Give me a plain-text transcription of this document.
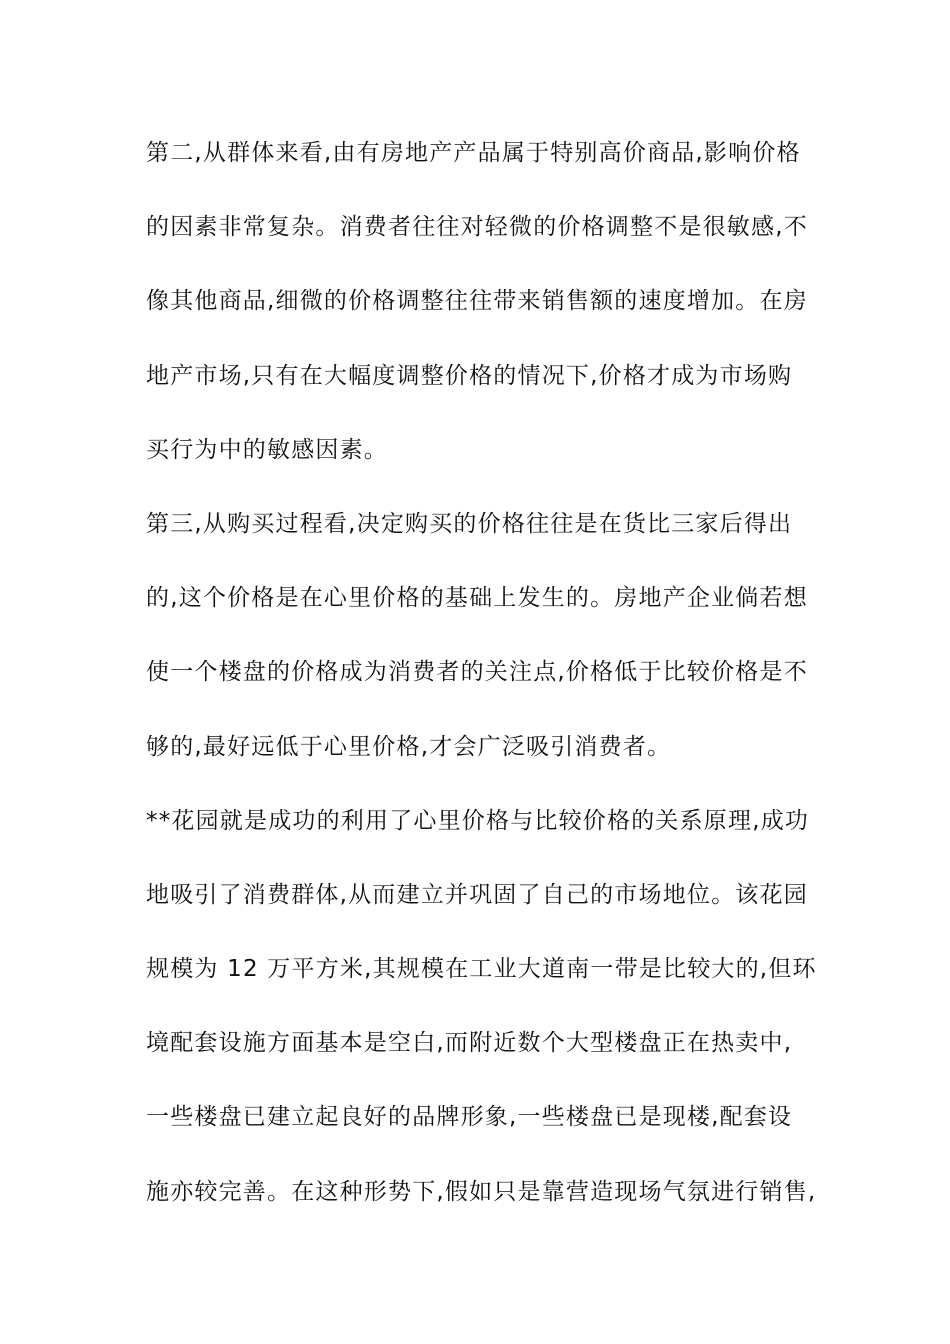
第二,从群体来看,由有房地产产品属于特别高价商品,影响价格
的因素非常复杂。消费者往往对轻微的价格调整不是很敏感,不
像其他商品,细微的价格调整往往带来销售额的速度增加。在房
地产市场,只有在大幅度调整价格的情况下,价格才成为市场购
买行为中的敏感因素。
第三,从购买过程看,决定购买的价格往往是在货比三家后得出
的,这个价格是在心里价格的基础上发生的。房地产企业倘若想
使一个楼盘的价格成为消费者的关注点,价格低于比较价格是不
够的,最好远低于心里价格,才会广泛吸引消费者。
**花园就是成功的利用了心里价格与比较价格的关系原理,成功
地吸引了消费群体,从而建立并巩固了自己的市场地位。该花园
规模为 12 万平方米,其规模在工业大道南一带是比较大的,但环
境配套设施方面基本是空白,而附近数个大型楼盘正在热卖中,
一些楼盘已建立起良好的品牌形象,一些楼盘已是现楼,配套设
施亦较完善。在这种形势下,假如只是靠营造现场气氛进行销售,
